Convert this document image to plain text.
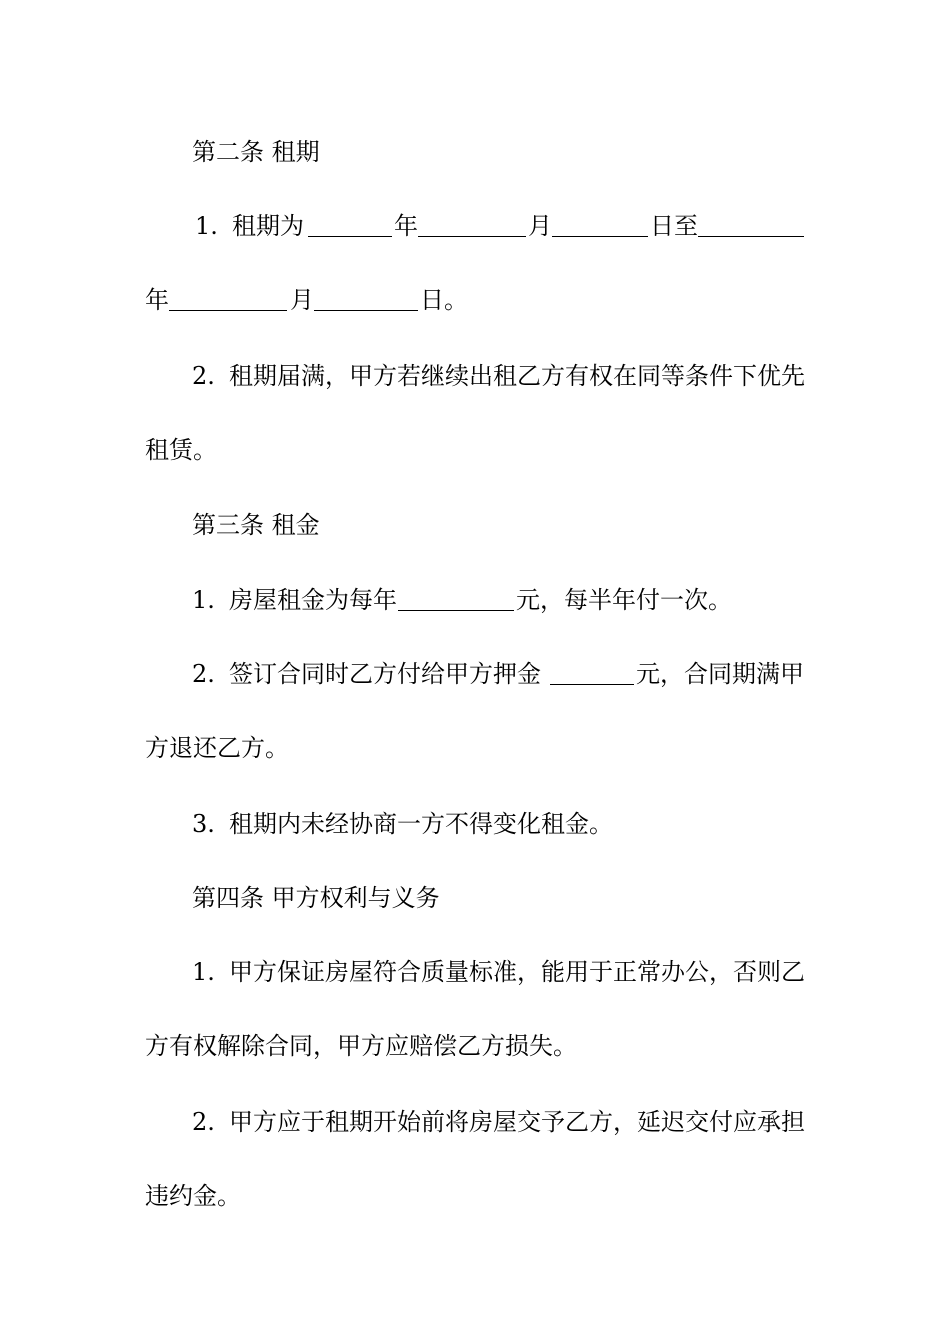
第二条 租期
1. 租期为	年	月	日至
年	月	日。
2. 租期届满，甲方若继续出租乙方有权在同等条件下优先
租赁。
第三条 租金
1. 房屋租金为每年	元，每半年付一次。
2. 签订合同时乙方付给甲方押金	元，合同期满甲
方退还乙方。
3. 租期内未经协商一方不得变化租金。
第四条 甲方权利与义务
1. 甲方保证房屋符合质量标准，能用于正常办公，否则乙
方有权解除合同，甲方应赔偿乙方损失。
2. 甲方应于租期开始前将房屋交予乙方，延迟交付应承担
违约金。
